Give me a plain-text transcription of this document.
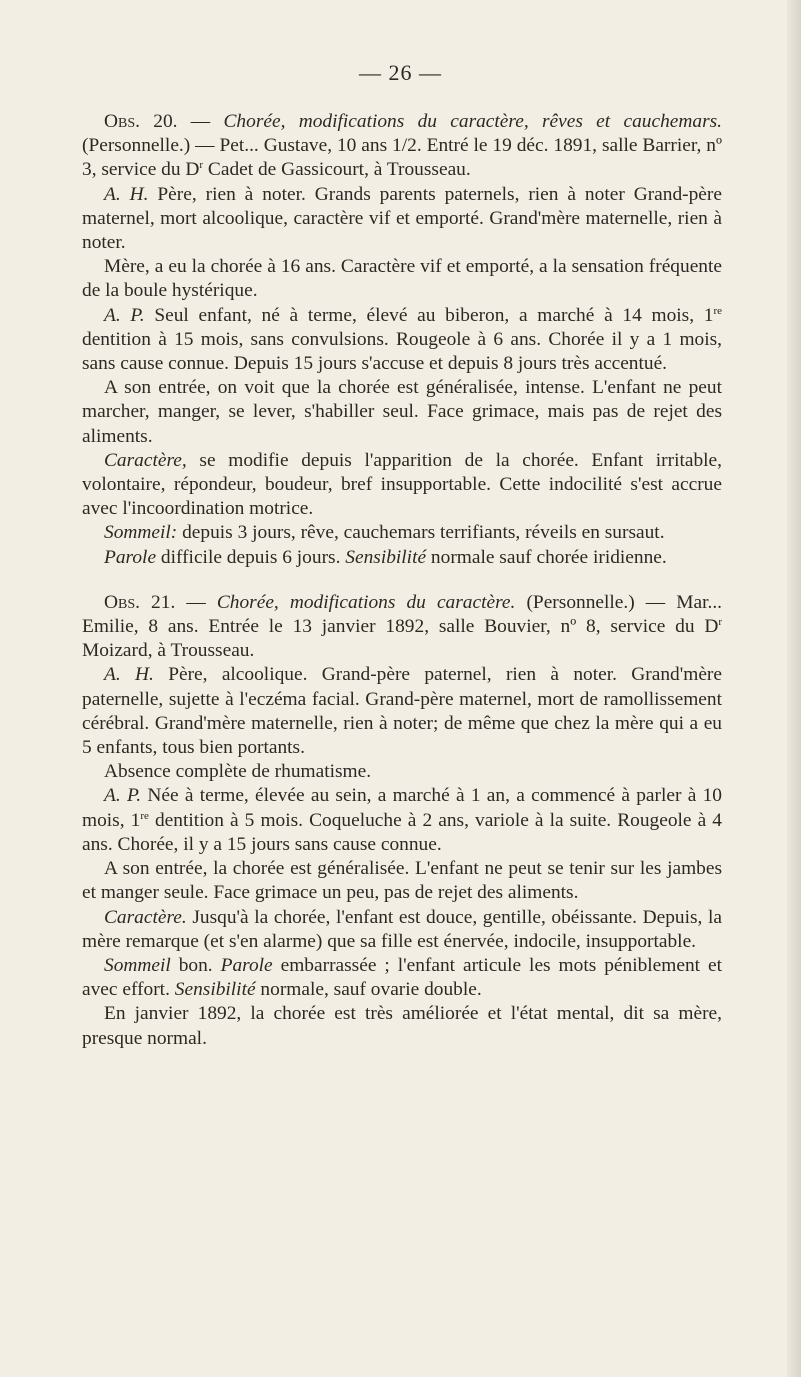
— 26 —

Obs. 20. — Chorée, modifications du caractère, rêves et cauchemars. (Personnelle.) — Pet... Gustave, 10 ans 1/2. Entré le 19 déc. 1891, salle Barrier, nº 3, service du $D^r$ Cadet de Gassicourt, à Trousseau.

A. H. Père, rien à noter. Grands parents paternels, rien à noter Grand-père maternel, mort alcoolique, caractère vif et emporté. Grand'mère maternelle, rien à noter.

Mère, a eu la chorée à 16 ans. Caractère vif et emporté, a la sensation fréquente de la boule hystérique.

A. P. Seul enfant, né à terme, élevé au biberon, a marché à 14 mois, 1re dentition à 15 mois, sans convulsions. Rougeole à 6 ans. Chorée il y a 1 mois, sans cause connue. Depuis 15 jours s'accuse et depuis 8 jours très accentué.

A son entrée, on voit que la chorée est généralisée, intense. L'enfant ne peut marcher, manger, se lever, s'habiller seul. Face grimace, mais pas de rejet des aliments.

Caractère, se modifie depuis l'apparition de la chorée. Enfant irritable, volontaire, répondeur, boudeur, bref insupportable. Cette indocilité s'est accrue avec l'incoordination motrice.

Sommeil: depuis 3 jours, rêve, cauchemars terrifiants, réveils en sursaut.

Parole difficile depuis 6 jours. Sensibilité normale sauf chorée iridienne.

Obs. 21. — Chorée, modifications du caractère. (Personnelle.) — Mar... Emilie, 8 ans. Entrée le 13 janvier 1892, salle Bouvier, nº 8, service du $D^r$ Moizard, à Trousseau.

A. H. Père, alcoolique. Grand-père paternel, rien à noter. Grand'mère paternelle, sujette à l'eczéma facial. Grand-père maternel, mort de ramollissement cérébral. Grand'mère maternelle, rien à noter; de même que chez la mère qui a eu 5 enfants, tous bien portants.

Absence complète de rhumatisme.

A. P. Née à terme, élevée au sein, a marché à 1 an, a commencé à parler à 10 mois, 1re dentition à 5 mois. Coqueluche à 2 ans, variole à la suite. Rougeole à 4 ans. Chorée, il y a 15 jours sans cause connue.

A son entrée, la chorée est généralisée. L'enfant ne peut se tenir sur les jambes et manger seule. Face grimace un peu, pas de rejet des aliments.

Caractère. Jusqu'à la chorée, l'enfant est douce, gentille, obéissante. Depuis, la mère remarque (et s'en alarme) que sa fille est énervée, indocile, insupportable.

Sommeil bon. Parole embarrassée ; l'enfant articule les mots péniblement et avec effort. Sensibilité normale, sauf ovarie double.

En janvier 1892, la chorée est très améliorée et l'état mental, dit sa mère, presque normal.
